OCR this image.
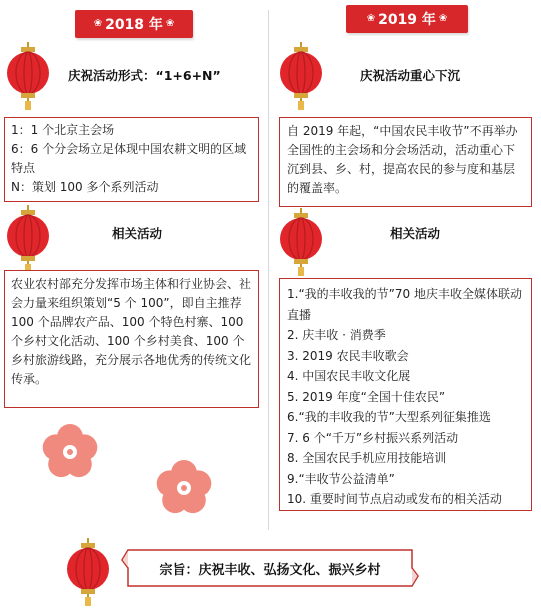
❀ 2018 年 ❀
庆祝活动形式：“1+6+N”

1：1 个北京主会场

6：6 个分会场立足体现中国农耕文明的区域特点

N：策划 100 多个系列活动

相关活动

农业农村部充分发挥市场主体和行业协会、社会力量来组织策划“5 个 100”，即自主推荐 100 个品牌农产品、100 个特色村寨、100 个乡村文化活动、100 个乡村美食、100 个乡村旅游线路，充分展示各地优秀的传统文化传承。

❀ 2019 年 ❀
庆祝活动重心下沉

自 2019 年起，“中国农民丰收节”不再举办全国性的主会场和分会场活动，活动重心下沉到县、乡、村，提高农民的参与度和基层的覆盖率。

相关活动

1.“我的丰收我的节”70 地庆丰收全媒体联动直播

2. 庆丰收 · 消费季

3. 2019 农民丰收歌会

4. 中国农民丰收文化展

5. 2019 年度“全国十佳农民”

6.“我的丰收我的节”大型系列征集推选

7. 6 个“千万”乡村振兴系列活动

8. 全国农民手机应用技能培训

9.“丰收节公益清单”

10. 重要时间节点启动或发布的相关活动

宗旨：庆祝丰收、弘扬文化、振兴乡村
